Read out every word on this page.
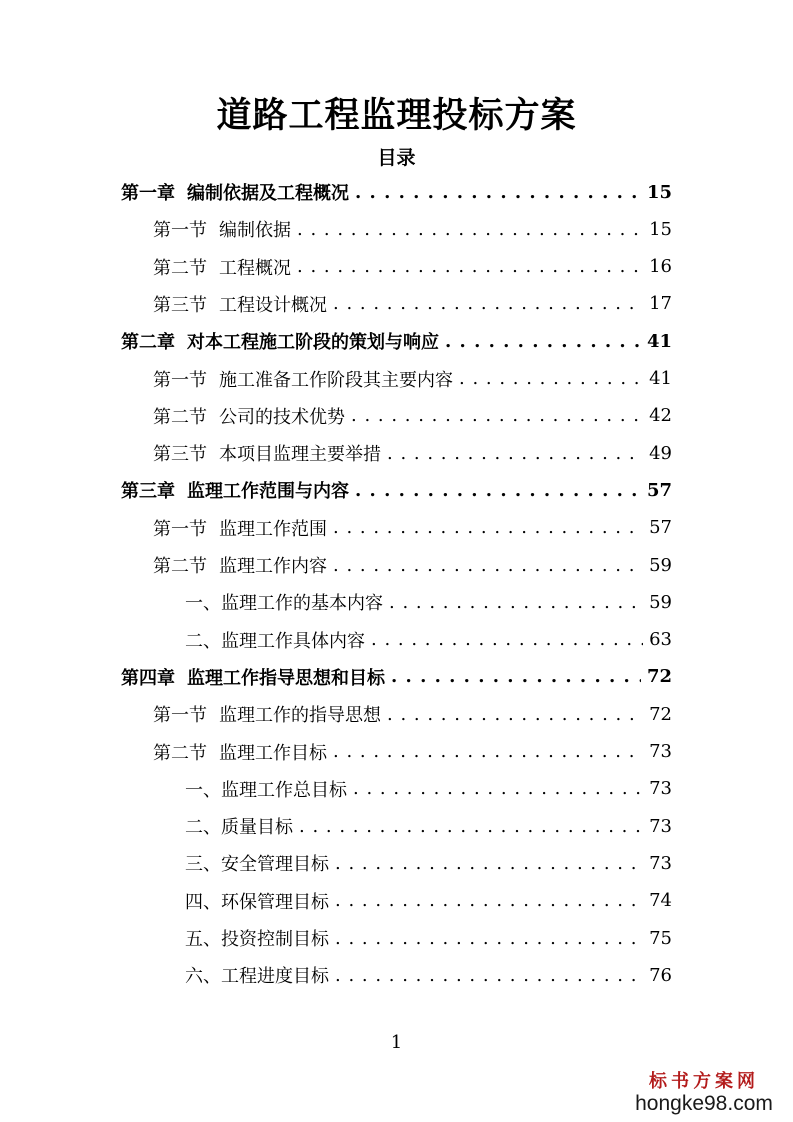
道路工程监理投标方案
目录
第一章 编制依据及工程概况 . . .	15
第一节 编制依据 . . .	15
第二节 工程概况 . . .	16
第三节 工程设计概况 . . .	17
第二章 对本工程施工阶段的策划与响应 . . .	41
第一节 施工准备工作阶段其主要内容 . . .	41
第二节 公司的技术优势 . . .	42
第三节 本项目监理主要举措 . . .	49
第三章 监理工作范围与内容 . . .	57
第一节 监理工作范围 . . .	57
第二节 监理工作内容 . . .	59
一、监理工作的基本内容 . . .	59
二、监理工作具体内容 . . .	63
第四章 监理工作指导思想和目标 . . .	72
第一节 监理工作的指导思想 . . .	72
第二节 监理工作目标 . . .	73
一、监理工作总目标 . . .	73
二、质量目标 . . .	73
三、安全管理目标 . . .	73
四、环保管理目标 . . .	74
五、投资控制目标 . . .	75
六、工程进度目标 . . .	76
1
标书方案网
hongke98.com
